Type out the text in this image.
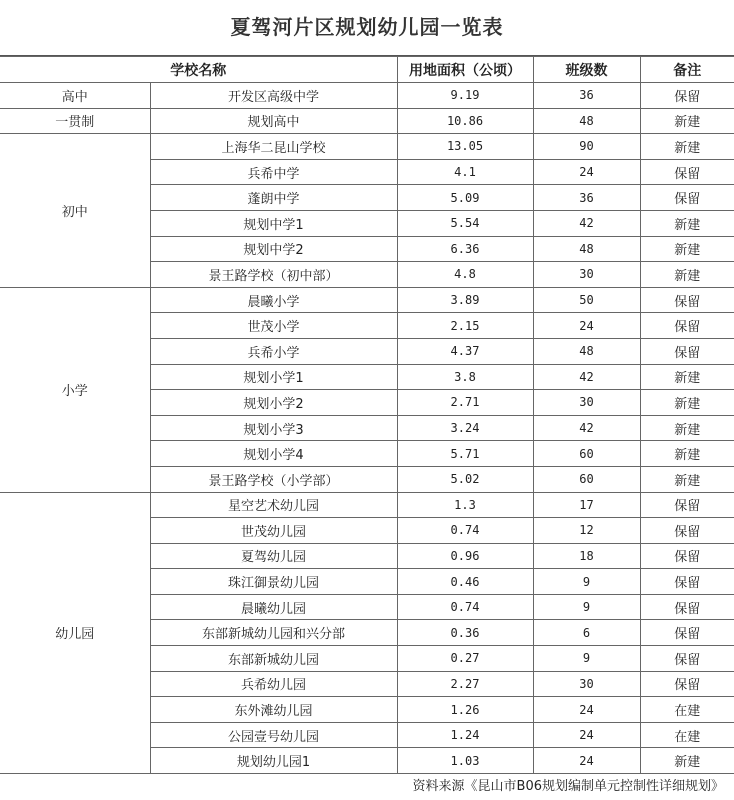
夏驾河片区规划幼儿园一览表
学校名称		用地面积（公顷）	班级数	备注
高中	开发区高级中学	9.19	36	保留
一贯制	规划高中	10.86	48	新建
初中	上海华二昆山学校	13.05	90	新建
	兵希中学	4.1	24	保留
	蓬朗中学	5.09	36	保留
	规划中学1	5.54	42	新建
	规划中学2	6.36	48	新建
	景王路学校（初中部）	4.8	30	新建
小学	晨曦小学	3.89	50	保留
	世茂小学	2.15	24	保留
	兵希小学	4.37	48	保留
	规划小学1	3.8	42	新建
	规划小学2	2.71	30	新建
	规划小学3	3.24	42	新建
	规划小学4	5.71	60	新建
	景王路学校（小学部）	5.02	60	新建
幼儿园	星空艺术幼儿园	1.3	17	保留
	世茂幼儿园	0.74	12	保留
	夏驾幼儿园	0.96	18	保留
	珠江御景幼儿园	0.46	9	保留
	晨曦幼儿园	0.74	9	保留
	东部新城幼儿园和兴分部	0.36	6	保留
	东部新城幼儿园	0.27	9	保留
	兵希幼儿园	2.27	30	保留
	东外滩幼儿园	1.26	24	在建
	公园壹号幼儿园	1.24	24	在建
	规划幼儿园1	1.03	24	新建
资料来源《昆山市B06规划编制单元控制性详细规划》
